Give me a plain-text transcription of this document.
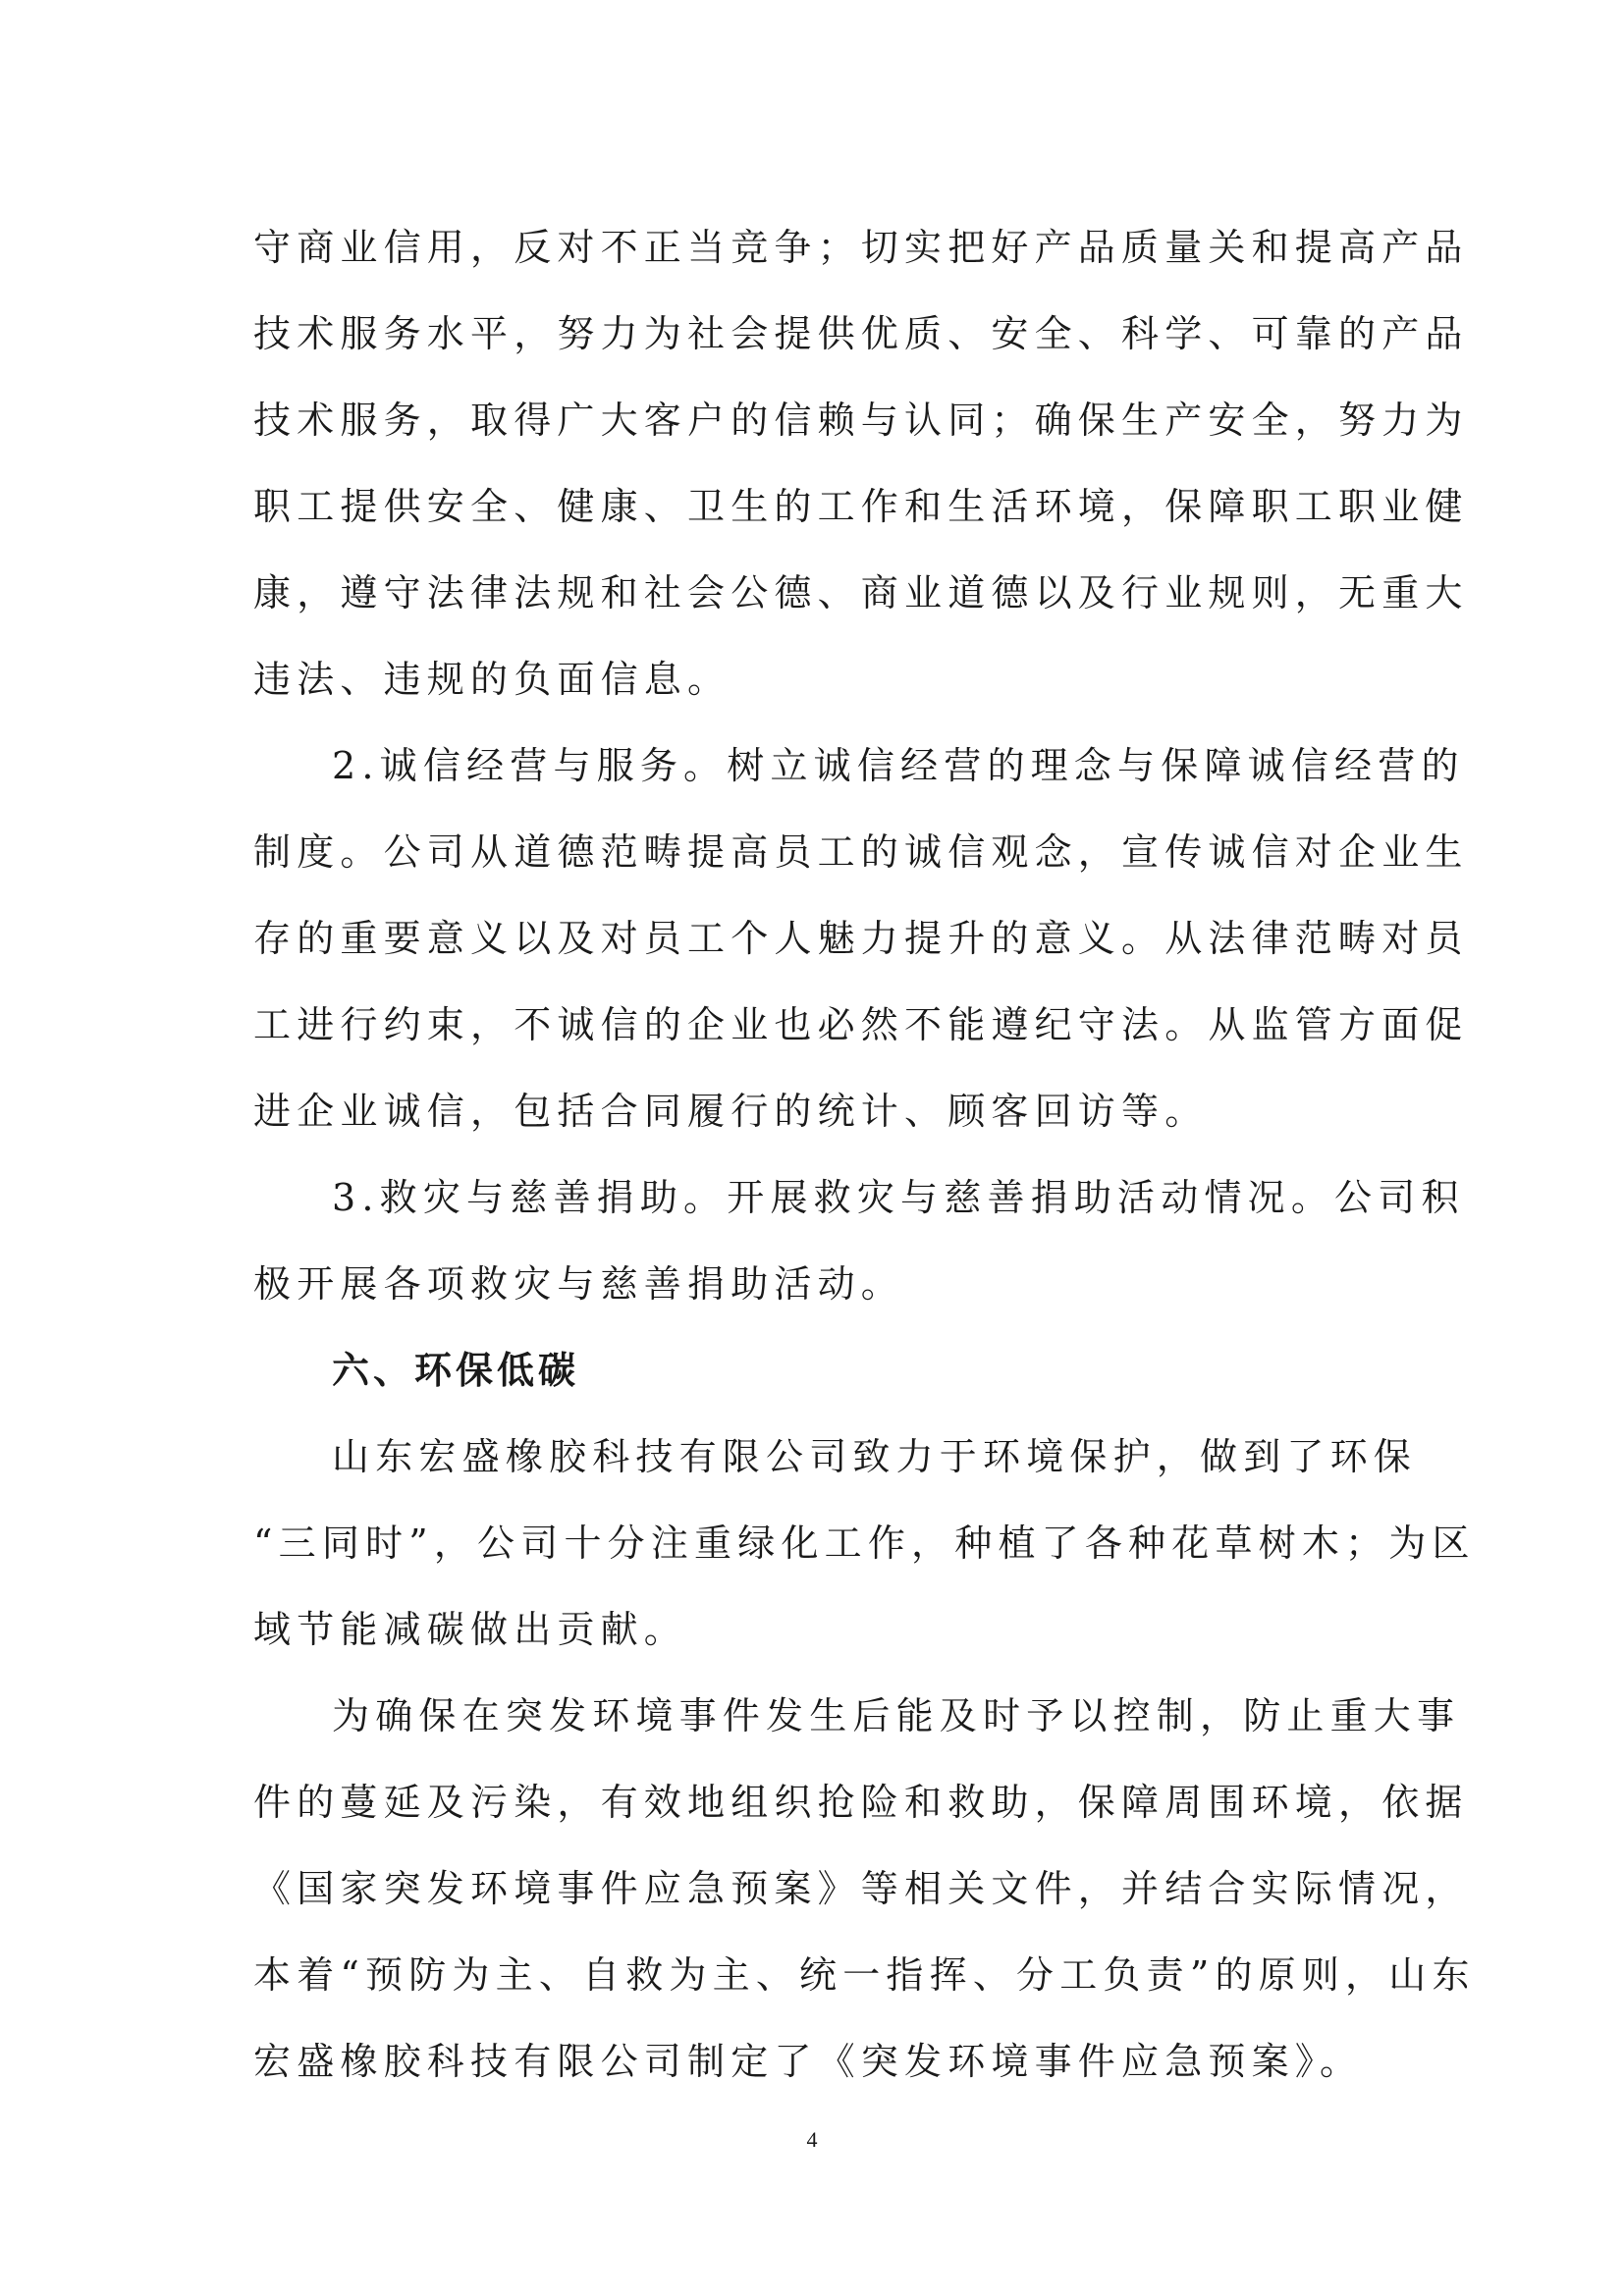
守商业信用，反对不正当竞争；切实把好产品质量关和提高产品
技术服务水平，努力为社会提供优质、安全、科学、可靠的产品
技术服务，取得广大客户的信赖与认同；确保生产安全，努力为
职工提供安全、健康、卫生的工作和生活环境，保障职工职业健
康，遵守法律法规和社会公德、商业道德以及行业规则，无重大
违法、违规的负面信息。
2.诚信经营与服务。树立诚信经营的理念与保障诚信经营的
制度。公司从道德范畴提高员工的诚信观念，宣传诚信对企业生
存的重要意义以及对员工个人魅力提升的意义。从法律范畴对员
工进行约束，不诚信的企业也必然不能遵纪守法。从监管方面促
进企业诚信，包括合同履行的统计、顾客回访等。
3.救灾与慈善捐助。开展救灾与慈善捐助活动情况。公司积
极开展各项救灾与慈善捐助活动。
六、环保低碳
山东宏盛橡胶科技有限公司致力于环境保护，做到了环保
“三同时”，公司十分注重绿化工作，种植了各种花草树木；为区
域节能减碳做出贡献。
为确保在突发环境事件发生后能及时予以控制，防止重大事
件的蔓延及污染，有效地组织抢险和救助，保障周围环境，依据
《国家突发环境事件应急预案》等相关文件，并结合实际情况，
本着“预防为主、自救为主、统一指挥、分工负责”的原则，山东
宏盛橡胶科技有限公司制定了《突发环境事件应急预案》。
4
